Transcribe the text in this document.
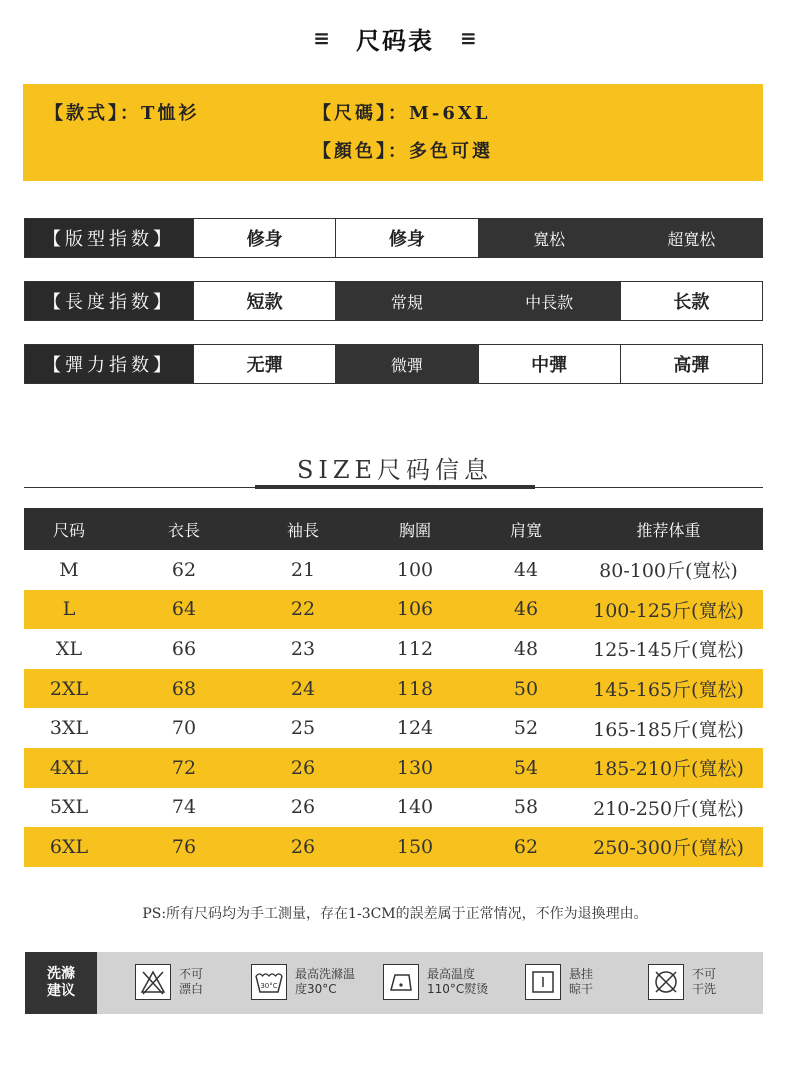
≡ 尺码表 ≡
【款式】：T恤衫	【尺碼】：M-6XL
【顏色】：多色可選
【版型指数】	修身	修身	寬松	超寬松
【長度指数】	短款	常規	中長款	长款
【彈力指数】	无彈	微彈	中彈	高彈
SIZE尺码信息
尺码	衣長	袖長	胸圍	肩寬	推荐体重
M	62	21	100	44	80-100斤(寬松)
L	64	22	106	46	100-125斤(寬松)
XL	66	23	112	48	125-145斤(寬松)
2XL	68	24	118	50	145-165斤(寬松)
3XL	70	25	124	52	165-185斤(寬松)
4XL	72	26	130	54	185-210斤(寬松)
5XL	74	26	140	58	210-250斤(寬松)
6XL	76	26	150	62	250-300斤(寬松)
PS:所有尺码均为手工測量，存在1-3CM的誤差属于正常情况，不作为退換理由。
洗滌
建议
不可
漂白	30°C
最高洗滌温
度30°C
最高温度
110°C熨烫
悬挂
晾干
不可
干洗
